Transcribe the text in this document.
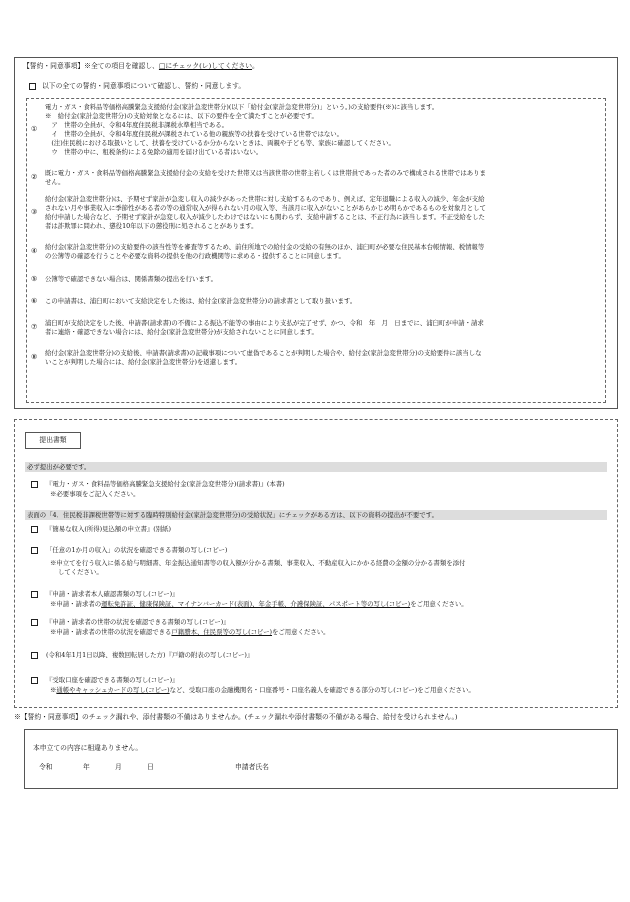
【誓約・同意事項】※全ての項目を確認し、□にチェック(レ)してください。
以下の全ての誓約・同意事項について確認し、誓約・同意します。
①
電力・ガス・食料品等価格高騰緊急支援給付金(家計急変世帯分)(以下「給付金(家計急変世帯分)」という。)の支給要件(※)に該当します。
※　給付金(家計急変世帯分)の支給対象となるには、以下の要件を全て満たすことが必要です。
　ア　世帯の全員が、令和4年度住民税非課税水準相当である。
　イ　世帯の全員が、令和4年度住民税が課税されている他の親族等の扶養を受けている世帯ではない。
　(注)住民税における取扱いとして、扶養を受けているか分からないときは、両親や子ども等、家族に確認してください。
　ウ　世帯の中に、租税条約による免除の適用を届け出ている者はいない。
② 既に電力・ガス・食料品等価格高騰緊急支援給付金の支給を受けた世帯又は当該世帯の世帯主若しくは世帯員であった者のみで構成される世帯ではありま
せん。
③
給付金(家計急変世帯分)は、予期せず家計が急変し収入の減少があった世帯に対し支給するものであり、例えば、定年退職による収入の減少、年金が支給
されない月や事業収入に季節性がある者の等の通常収入が得られない月の収入等、当該月に収入がないことがあらかじめ明らかであるものを対象月として
給付申請した場合など、予期せず家計が急変し収入が減少したわけではないにも関わらず、支給申請することは、不正行為に該当します。不正受給をした
者は詐欺罪に問われ、懲役10年以下の懲役刑に処されることがあります。
④ 給付金(家計急変世帯分)の支給要件の該当性等を審査等するため、前住所地での給付金の受給の有無のほか、浦臼町が必要な住民基本台帳情報、税情報等
の公簿等の確認を行うことや必要な資料の提供を他の行政機関等に求める・提供することに同意します。
⑤ 公簿等で確認できない場合は、関係書類の提出を行います。
⑥ この申請書は、浦臼町において支給決定をした後は、給付金(家計急変世帯分)の請求書として取り扱います。
⑦ 浦臼町が支給決定をした後、申請書(請求書)の不備による振込不能等の事由により支払が完了せず、かつ、令和　年　月　日までに、浦臼町が申請・請求
者に連絡・確認できない場合には、給付金(家計急変世帯分)が支給されないことに同意します。
⑧ 給付金(家計急変世帯分)の支給後、申請書(請求書)の記載事項について虚偽であることが判明した場合や、給付金(家計急変世帯分)の支給要件に該当しな
いことが判明した場合には、給付金(家計急変世帯分)を返還します。
提出書類
必ず提出が必要です。
『電力・ガス・食料品等価格高騰緊急支援給付金(家計急変世帯分)(請求書)』(本書)
※必要事項をご記入ください。
表面の「4．住民税非課税世帯等に対する臨時特別給付金(家計急変世帯分)の受給状況」にチェックがある方は、以下の資料の提出が不要です。
『簡易な収入(所得)見込額の申立書』(別紙)
「任意の1か月の収入」の状況を確認できる書類の写し(コピー)
※申立てを行う収入に係る給与明細書、年金振込通知書等の収入額が分かる書類、事業収入、不動産収入にかかる経費の金額の分かる書類を添付
してください。
『申請・請求者本人確認書類の写し(コピー)』
※申請・請求者の運転免許証、健康保険証、マイナンバーカード(表面)、年金手帳、介護保険証、パスポート等の写し(コピー)をご用意ください。
『申請・請求者の世帯の状況を確認できる書類の写し(コピー)』
※申請・請求者の世帯の状況を確認できる戸籍謄本、住民票等の写し(コピー)をご用意ください。
(令和4年1月1日以降、複数回転居した方)『戸籍の附表の写し(コピー)』
『受取口座を確認できる書類の写し(コピー)』
※通帳やキャッシュカードの写し(コピー)など、受取口座の金融機関名・口座番号・口座名義人を確認できる部分の写し(コピー)をご用意ください。
※【誓約・同意事項】のチェック漏れや、添付書類の不備はありませんか。(チェック漏れや添付書類の不備がある場合、給付を受けられません。)
本申立ての内容に相違ありません。
令和	年	月	日	申請者氏名
